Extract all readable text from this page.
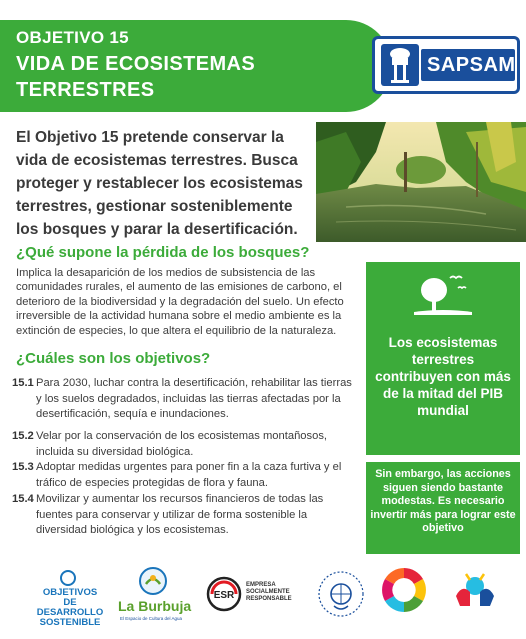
OBJETIVO 15
VIDA DE ECOSISTEMAS
TERRESTRES
SAPSAM
El Objetivo 15 pretende conservar la vida de ecosistemas terrestres. Busca proteger y restablecer los ecosistemas terrestres, gestionar sosteniblemente los bosques y parar la desertificación.
¿Qué supone la pérdida de los bosques?
Implica la desaparición de los medios de subsistencia de las comunidades rurales, el aumento de las emisiones de carbono, el deterioro de la biodiversidad y la degradación del suelo. Un efecto irreversible de la actividad humana sobre el medio ambiente es la extinción de especies, lo que altera el equilibrio de la naturaleza.
¿Cuáles son los objetivos?
15.1 Para 2030, luchar contra la desertificación, rehabilitar las tierras y los suelos degradados, incluidas las tierras afectadas por la desertificación, sequía e inundaciones.
15.2 Velar por la conservación de los ecosistemas montañosos, incluida su diversidad biológica.
15.3 Adoptar medidas urgentes para poner fin a la caza furtiva y el tráfico de especies protegidas de flora y fauna.
15.4 Movilizar y aumentar los recursos financieros de todas las fuentes para conservar y utilizar de forma sostenible la diversidad biológica y los ecosistemas.
Los ecosistemas terrestres contribuyen con más de la mitad del PIB mundial
Sin embargo, las acciones siguen siendo bastante modestas. Es necesario invertir más para lograr este objetivo
OBJETIVOS
DE DESARROLLO
SOSTENIBLE
La Burbuja
El Espacio de Cultura del Agua
ESR
EMPRESA
SOCIALMENTE
RESPONSABLE
